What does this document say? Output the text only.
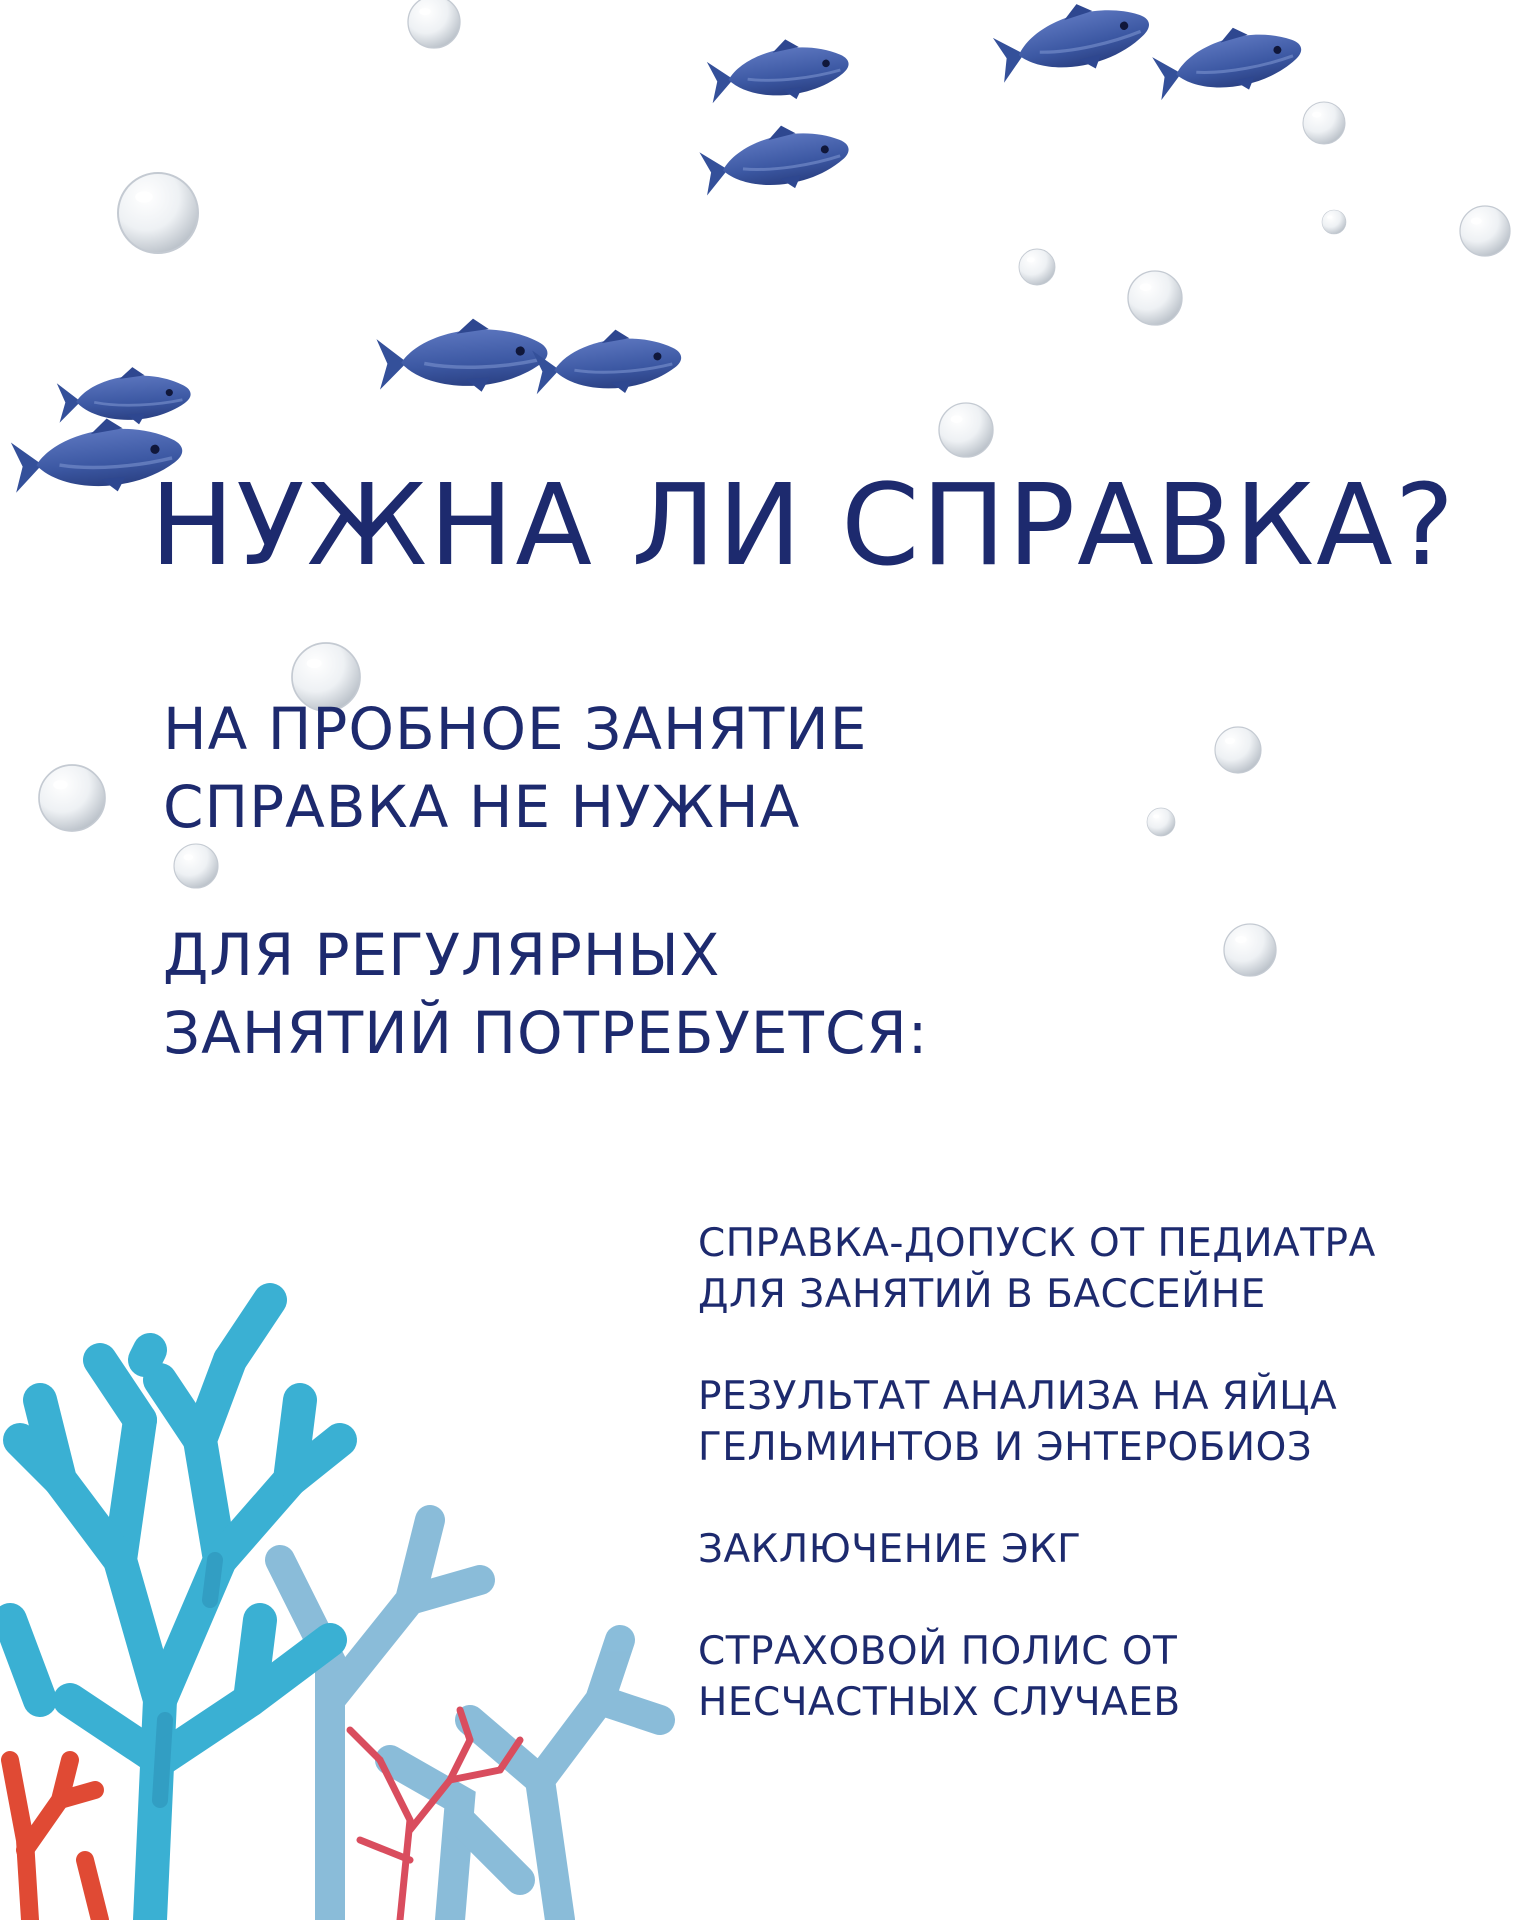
НУЖНА ЛИ СПРАВКА?
НА ПРОБНОЕ ЗАНЯТИЕ
СПРАВКА НЕ НУЖНА
ДЛЯ РЕГУЛЯРНЫХ
ЗАНЯТИЙ ПОТРЕБУЕТСЯ:
СПРАВКА-ДОПУСК ОТ ПЕДИАТРА
ДЛЯ ЗАНЯТИЙ В БАССЕЙНЕ
РЕЗУЛЬТАТ АНАЛИЗА НА ЯЙЦА
ГЕЛЬМИНТОВ И ЭНТЕРОБИОЗ
ЗАКЛЮЧЕНИЕ ЭКГ
СТРАХОВОЙ ПОЛИС ОТ
НЕСЧАСТНЫХ СЛУЧАЕВ
